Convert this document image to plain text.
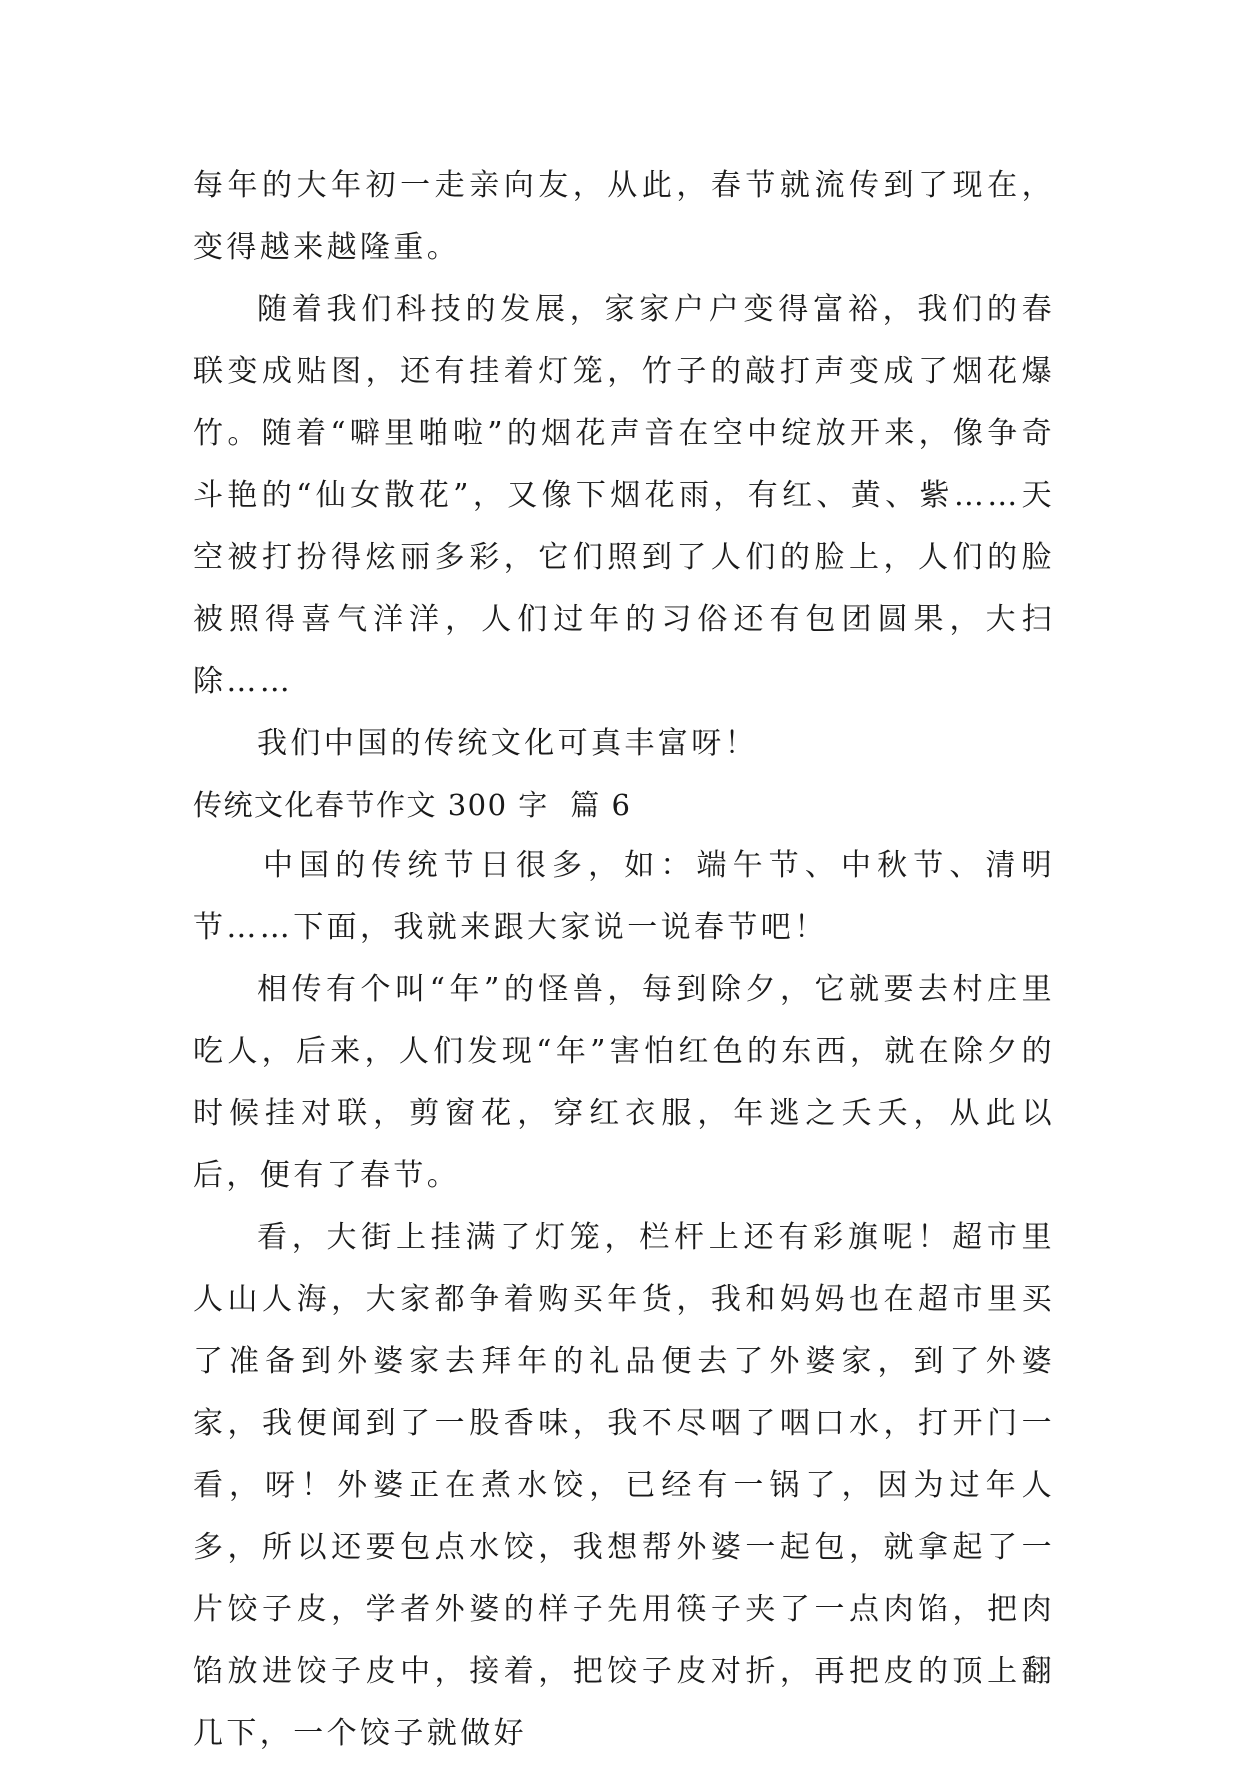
每年的大年初一走亲向友，从此，春节就流传到了现在，变得越来越隆重。

随着我们科技的发展，家家户户变得富裕，我们的春联变成贴图，还有挂着灯笼，竹子的敲打声变成了烟花爆竹。随着“噼里啪啦”的烟花声音在空中绽放开来，像争奇斗艳的“仙女散花”，又像下烟花雨，有红、黄、紫……天空被打扮得炫丽多彩，它们照到了人们的脸上，人们的脸被照得喜气洋洋，人们过年的习俗还有包团圆果，大扫除……

我们中国的传统文化可真丰富呀！

传统文化春节作文 300 字  篇 6

中国的传统节日很多，如：端午节、中秋节、清明节……下面，我就来跟大家说一说春节吧！

相传有个叫“年”的怪兽，每到除夕，它就要去村庄里吃人，后来，人们发现“年”害怕红色的东西，就在除夕的时候挂对联，剪窗花，穿红衣服，年逃之夭夭，从此以后，便有了春节。

看，大街上挂满了灯笼，栏杆上还有彩旗呢！超市里人山人海，大家都争着购买年货，我和妈妈也在超市里买了准备到外婆家去拜年的礼品便去了外婆家，到了外婆家，我便闻到了一股香味，我不尽咽了咽口水，打开门一看，呀！外婆正在煮水饺，已经有一锅了，因为过年人多，所以还要包点水饺，我想帮外婆一起包，就拿起了一片饺子皮，学者外婆的样子先用筷子夹了一点肉馅，把肉馅放进饺子皮中，接着，把饺子皮对折，再把皮的顶上翻几下，一个饺子就做好
